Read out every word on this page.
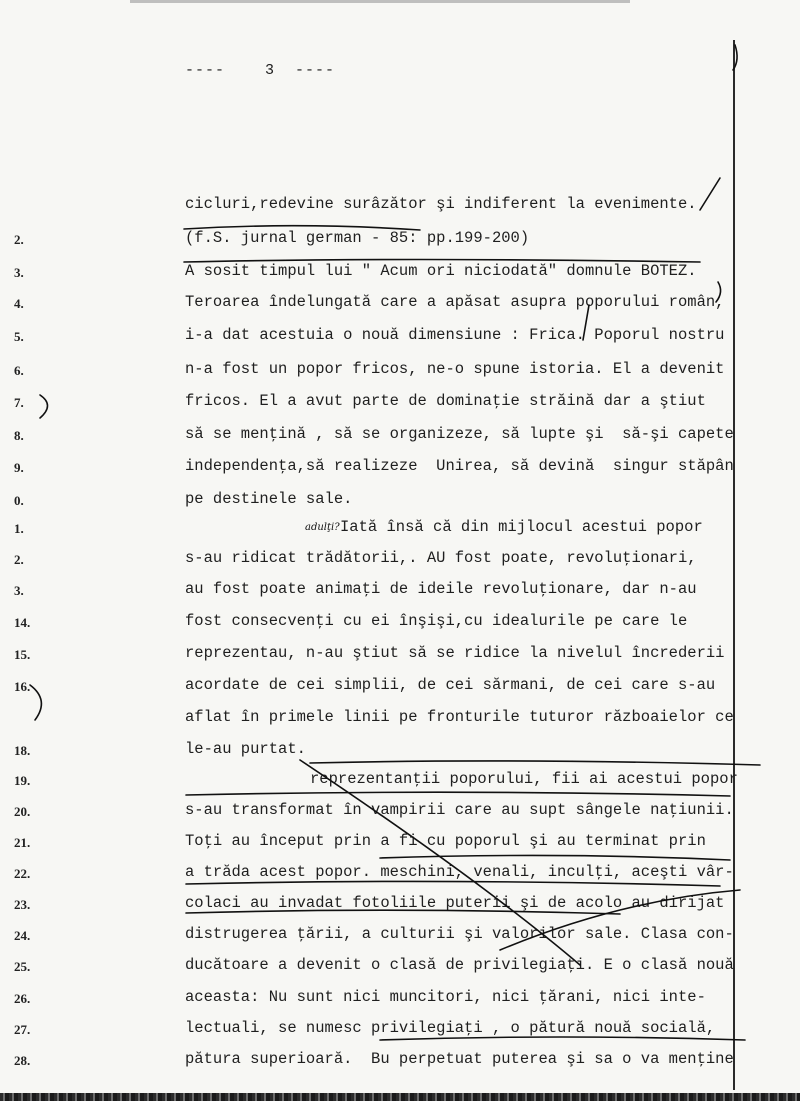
----    3  ----
2.
3.
4.
5.
6.
7.
8.
9.
0.
1.
2.
3.
14.
15.
16.
18.
19.
20.
21.
22.
23.
24.
25.
26.
27.
28.
cicluri,redevine surâzător şi indiferent la evenimente.
(f.S. jurnal german - 85: pp.199-200)
A sosit timpul lui " Acum ori niciodată" domnule BOTEZ.
Teroarea îndelungată care a apăsat asupra poporului român,
i-a dat acestuia o nouă dimensiune : Frica. Poporul nostru
n-a fost un popor fricos, ne-o spune istoria. El a devenit
fricos. El a avut parte de dominaţie străină dar a ştiut
să se menţină , să se organizeze, să lupte şi  să-şi capete
independenţa,să realizeze  Unirea, să devină  singur stăpân
pe destinele sale.
Iată însă că din mijlocul acestui popor
s-au ridicat trădătorii,. AU fost poate, revoluţionari,
au fost poate animaţi de ideile revoluţionare, dar n-au
fost consecvenţi cu ei înşişi,cu idealurile pe care le
reprezentau, n-au ştiut să se ridice la nivelul încrederii
acordate de cei simplii, de cei sărmani, de cei care s-au
aflat în primele linii pe fronturile tuturor războaielor ce
le-au purtat.
reprezentanţii poporului, fii ai acestui popor
s-au transformat în vampirii care au supt sângele naţiunii.
Toţi au început prin a fi cu poporul şi au terminat prin
a trăda acest popor. meschini, venali, inculţi, aceşti vâr-
colaci au invadat fotoliile puterii şi de acolo au dirijat
distrugerea ţării, a culturii şi valorilor sale. Clasa con-
ducătoare a devenit o clasă de privilegiaţi. E o clasă nouă
aceasta: Nu sunt nici muncitori, nici ţărani, nici inte-
lectuali, se numesc privilegiaţi , o pătură nouă socială,
pătura superioară.  Bu perpetuat puterea şi sa o va menţine
adulţi?
